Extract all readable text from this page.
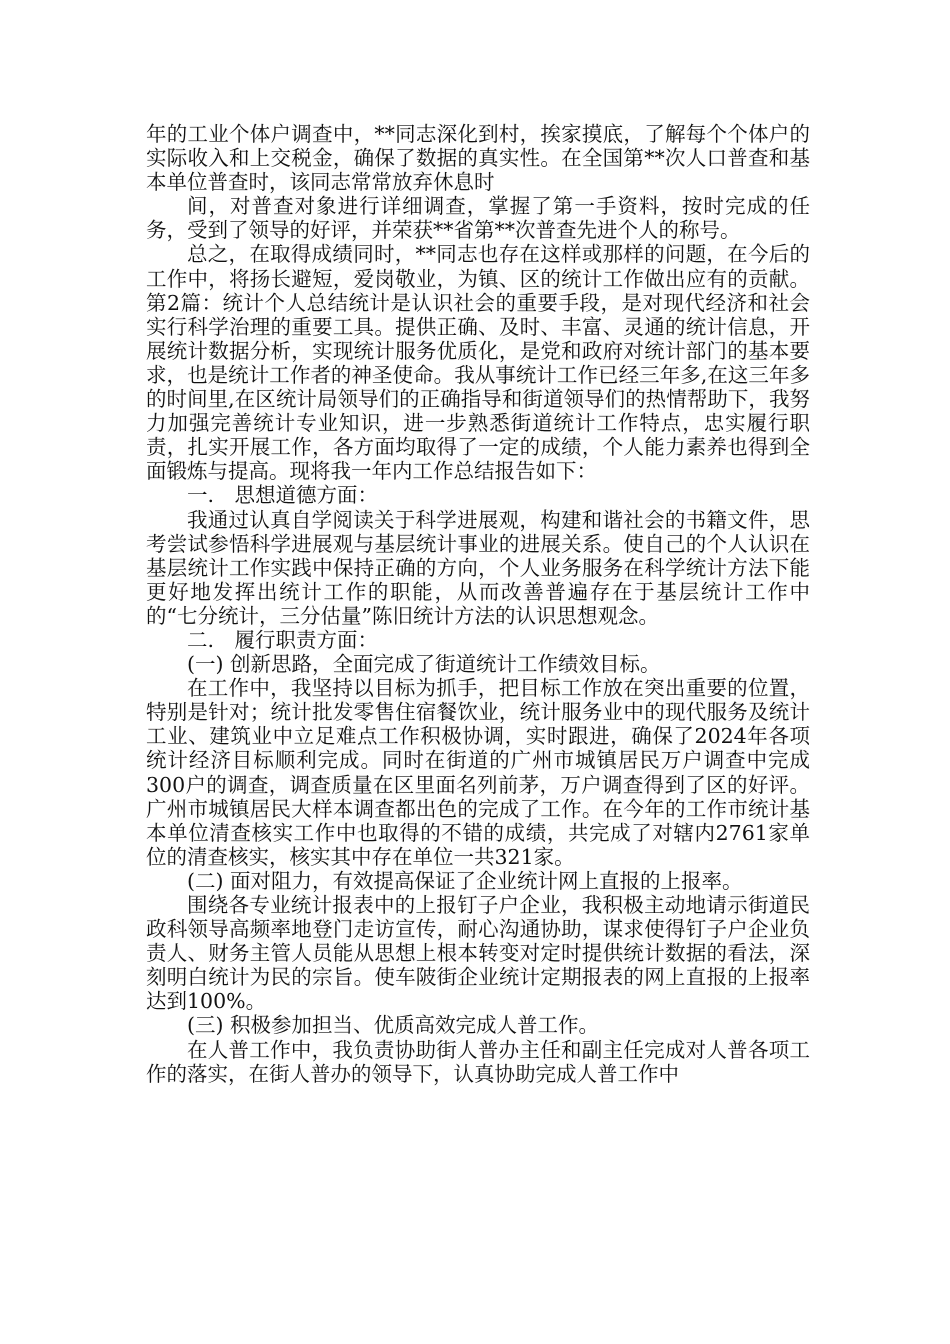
年的工业个体户调查中，**同志深化到村，挨家摸底，了解每个个体户的实际收入和上交税金，确保了数据的真实性。在全国第**次人口普查和基本单位普查时，该同志常常放弃休息时

间，对普查对象进行详细调查，掌握了第一手资料，按时完成的任务，受到了领导的好评，并荣获**省第**次普查先进个人的称号。

总之，在取得成绩同时，**同志也存在这样或那样的问题，在今后的工作中，将扬长避短，爱岗敬业，为镇、区的统计工作做出应有的贡献。第2篇：统计个人总结统计是认识社会的重要手段，是对现代经济和社会实行科学治理的重要工具。提供正确、及时、丰富、灵通的统计信息，开展统计数据分析，实现统计服务优质化，是党和政府对统计部门的基本要求，也是统计工作者的神圣使命。我从事统计工作已经三年多,在这三年多的时间里,在区统计局领导们的正确指导和街道领导们的热情帮助下，我努力加强完善统计专业知识，进一步熟悉街道统计工作特点，忠实履行职责，扎实开展工作，各方面均取得了一定的成绩，个人能力素养也得到全面锻炼与提高。现将我一年内工作总结报告如下：

一.　思想道德方面：

我通过认真自学阅读关于科学进展观，构建和谐社会的书籍文件，思考尝试参悟科学进展观与基层统计事业的进展关系。使自己的个人认识在基层统计工作实践中保持正确的方向，个人业务服务在科学统计方法下能更好地发挥出统计工作的职能，从而改善普遍存在于基层统计工作中的“七分统计，三分估量”陈旧统计方法的认识思想观念。

二.　履行职责方面：

(一) 创新思路，全面完成了街道统计工作绩效目标。

在工作中，我坚持以目标为抓手，把目标工作放在突出重要的位置，特别是针对；统计批发零售住宿餐饮业，统计服务业中的现代服务及统计工业、建筑业中立足难点工作积极协调，实时跟进，确保了2024年各项统计经济目标顺利完成。同时在街道的广州市城镇居民万户调查中完成300户的调查，调查质量在区里面名列前茅，万户调查得到了区的好评。广州市城镇居民大样本调查都出色的完成了工作。在今年的工作市统计基本单位清查核实工作中也取得的不错的成绩，共完成了对辖内2761家单位的清查核实，核实其中存在单位一共321家。

(二) 面对阻力，有效提高保证了企业统计网上直报的上报率。

围绕各专业统计报表中的上报钉子户企业，我积极主动地请示街道民政科领导高频率地登门走访宣传，耐心沟通协助，谋求使得钉子户企业负责人、财务主管人员能从思想上根本转变对定时提供统计数据的看法，深刻明白统计为民的宗旨。使车陂街企业统计定期报表的网上直报的上报率 达到100%。

(三) 积极参加担当、优质高效完成人普工作。

在人普工作中，我负责协助街人普办主任和副主任完成对人普各项工作的落实，在街人普办的领导下，认真协助完成人普工作中
